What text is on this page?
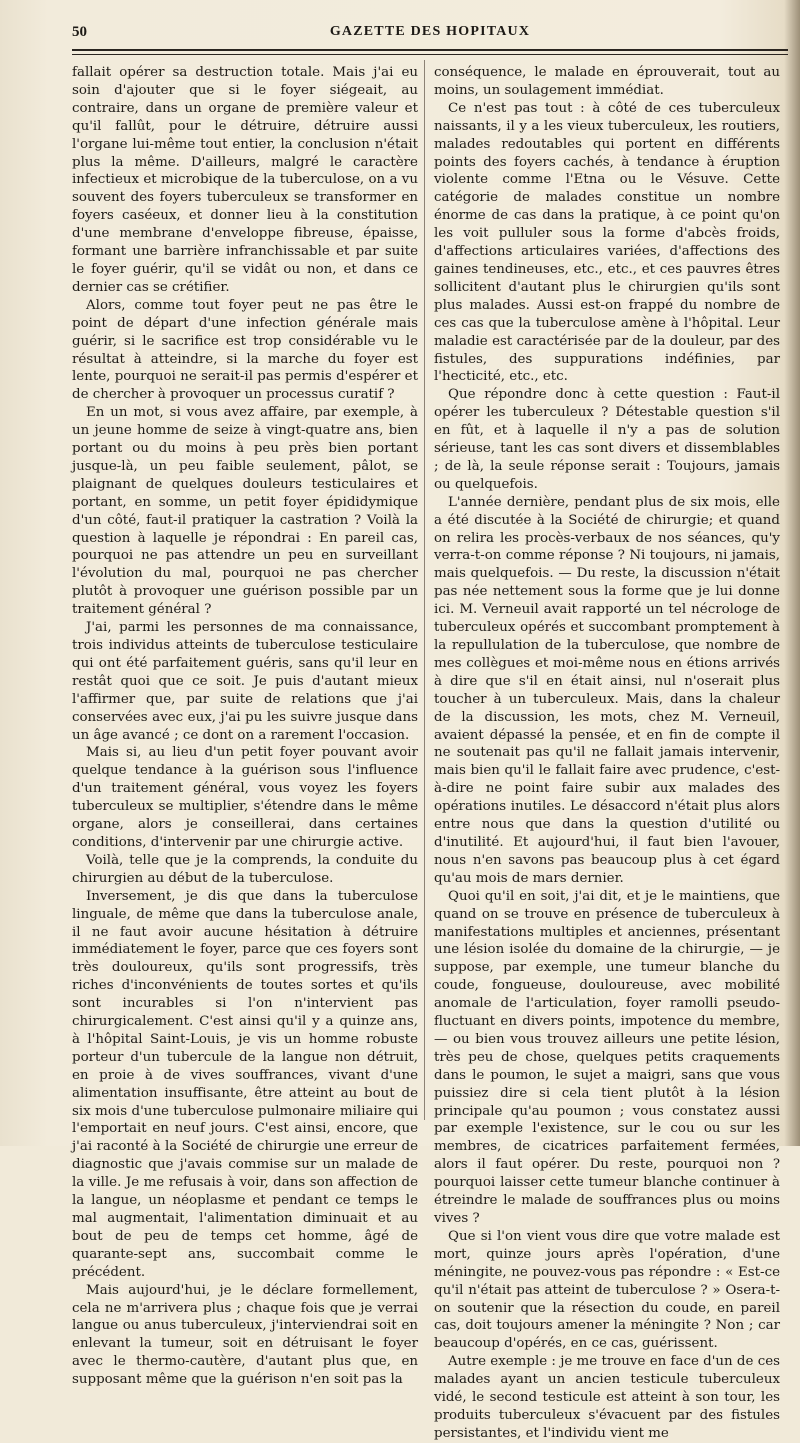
50	GAZETTE DES HOPITAUX

fallait opérer sa destruction totale. Mais j'ai eu soin d'ajouter que si le foyer siégeait, au contraire, dans un organe de première valeur et qu'il fallût, pour le détruire, détruire aussi l'organe lui-même tout entier, la conclusion n'était plus la même. D'ailleurs, malgré le caractère infectieux et microbique de la tuberculose, on a vu souvent des foyers tuberculeux se transformer en foyers caséeux, et donner lieu à la constitution d'une membrane d'enveloppe fibreuse, épaisse, formant une barrière infranchissable et par suite le foyer guérir, qu'il se vidât ou non, et dans ce dernier cas se crétifier.

Alors, comme tout foyer peut ne pas être le point de départ d'une infection générale mais guérir, si le sacrifice est trop considérable vu le résultat à atteindre, si la marche du foyer est lente, pourquoi ne serait-il pas permis d'espérer et de chercher à provoquer un processus curatif ?

En un mot, si vous avez affaire, par exemple, à un jeune homme de seize à vingt-quatre ans, bien portant ou du moins à peu près bien portant jusque-là, un peu faible seulement, pâlot, se plaignant de quelques douleurs testiculaires et portant, en somme, un petit foyer épididymique d'un côté, faut-il pratiquer la castration ? Voilà la question à laquelle je répondrai : En pareil cas, pourquoi ne pas attendre un peu en surveillant l'évolution du mal, pourquoi ne pas chercher plutôt à provoquer une guérison possible par un traitement général ?

J'ai, parmi les personnes de ma connaissance, trois individus atteints de tuberculose testiculaire qui ont été parfaitement guéris, sans qu'il leur en restât quoi que ce soit. Je puis d'autant mieux l'affirmer que, par suite de relations que j'ai conservées avec eux, j'ai pu les suivre jusque dans un âge avancé ; ce dont on a rarement l'occasion.

Mais si, au lieu d'un petit foyer pouvant avoir quelque tendance à la guérison sous l'influence d'un traitement général, vous voyez les foyers tuberculeux se multiplier, s'étendre dans le même organe, alors je conseillerai, dans certaines conditions, d'intervenir par une chirurgie active.

Voilà, telle que je la comprends, la conduite du chirurgien au début de la tuberculose.

Inversement, je dis que dans la tuberculose linguale, de même que dans la tuberculose anale, il ne faut avoir aucune hésitation à détruire immédiatement le foyer, parce que ces foyers sont très douloureux, qu'ils sont progressifs, très riches d'inconvénients de toutes sortes et qu'ils sont incurables si l'on n'intervient pas chirurgicalement. C'est ainsi qu'il y a quinze ans, à l'hôpital Saint-Louis, je vis un homme robuste porteur d'un tubercule de la langue non détruit, en proie à de vives souffrances, vivant d'une alimentation insuffisante, être atteint au bout de six mois d'une tuberculose pulmonaire miliaire qui l'emportait en neuf jours. C'est ainsi, encore, que j'ai raconté à la Société de chirurgie une erreur de diagnostic que j'avais commise sur un malade de la ville. Je me refusais à voir, dans son affection de la langue, un néoplasme et pendant ce temps le mal augmentait, l'alimentation diminuait et au bout de peu de temps cet homme, âgé de quarante-sept ans, succombait comme le précédent.

Mais aujourd'hui, je le déclare formellement, cela ne m'arrivera plus ; chaque fois que je verrai langue ou anus tuberculeux, j'interviendrai soit en enlevant la tumeur, soit en détruisant le foyer avec le thermo-cautère, d'autant plus que, en supposant même que la guérison n'en soit pas la

conséquence, le malade en éprouverait, tout au moins, un soulagement immédiat.

Ce n'est pas tout : à côté de ces tuberculeux naissants, il y a les vieux tuberculeux, les routiers, malades redoutables qui portent en différents points des foyers cachés, à tendance à éruption violente comme l'Etna ou le Vésuve. Cette catégorie de malades constitue un nombre énorme de cas dans la pratique, à ce point qu'on les voit pulluler sous la forme d'abcès froids, d'affections articulaires variées, d'affections des gaines tendineuses, etc., etc., et ces pauvres êtres sollicitent d'autant plus le chirurgien qu'ils sont plus malades. Aussi est-on frappé du nombre de ces cas que la tuberculose amène à l'hôpital. Leur maladie est caractérisée par de la douleur, par des fistules, des suppurations indéfinies, par l'hecticité, etc., etc.

Que répondre donc à cette question : Faut-il opérer les tuberculeux ? Détestable question s'il en fût, et à laquelle il n'y a pas de solution sérieuse, tant les cas sont divers et dissemblables ; de là, la seule réponse serait : Toujours, jamais ou quelquefois.

L'année dernière, pendant plus de six mois, elle a été discutée à la Société de chirurgie; et quand on relira les procès-verbaux de nos séances, qu'y verra-t-on comme réponse ? Ni toujours, ni jamais, mais quelquefois. — Du reste, la discussion n'était pas née nettement sous la forme que je lui donne ici. M. Verneuil avait rapporté un tel nécrologe de tuberculeux opérés et succombant promptement à la repullulation de la tuberculose, que nombre de mes collègues et moi-même nous en étions arrivés à dire que s'il en était ainsi, nul n'oserait plus toucher à un tuberculeux. Mais, dans la chaleur de la discussion, les mots, chez M. Verneuil, avaient dépassé la pensée, et en fin de compte il ne soutenait pas qu'il ne fallait jamais intervenir, mais bien qu'il le fallait faire avec prudence, c'est-à-dire ne point faire subir aux malades des opérations inutiles. Le désaccord n'était plus alors entre nous que dans la question d'utilité ou d'inutilité. Et aujourd'hui, il faut bien l'avouer, nous n'en savons pas beaucoup plus à cet égard qu'au mois de mars dernier.

Quoi qu'il en soit, j'ai dit, et je le maintiens, que quand on se trouve en présence de tuberculeux à manifestations multiples et anciennes, présentant une lésion isolée du domaine de la chirurgie, — je suppose, par exemple, une tumeur blanche du coude, fongueuse, douloureuse, avec mobilité anomale de l'articulation, foyer ramolli pseudo-fluctuant en divers points, impotence du membre, — ou bien vous trouvez ailleurs une petite lésion, très peu de chose, quelques petits craquements dans le poumon, le sujet a maigri, sans que vous puissiez dire si cela tient plutôt à la lésion principale qu'au poumon ; vous constatez aussi par exemple l'existence, sur le cou ou sur les membres, de cicatrices parfaitement fermées, alors il faut opérer. Du reste, pourquoi non ? pourquoi laisser cette tumeur blanche continuer à étreindre le malade de souffrances plus ou moins vives ?

Que si l'on vient vous dire que votre malade est mort, quinze jours après l'opération, d'une méningite, ne pouvez-vous pas répondre : « Est-ce qu'il n'était pas atteint de tuberculose ? » Osera-t-on soutenir que la résection du coude, en pareil cas, doit toujours amener la méningite ? Non ; car beaucoup d'opérés, en ce cas, guérissent.

Autre exemple : je me trouve en face d'un de ces malades ayant un ancien testicule tuberculeux vidé, le second testicule est atteint à son tour, les produits tuberculeux s'évacuent par des fistules persistantes, et l'individu vient me
